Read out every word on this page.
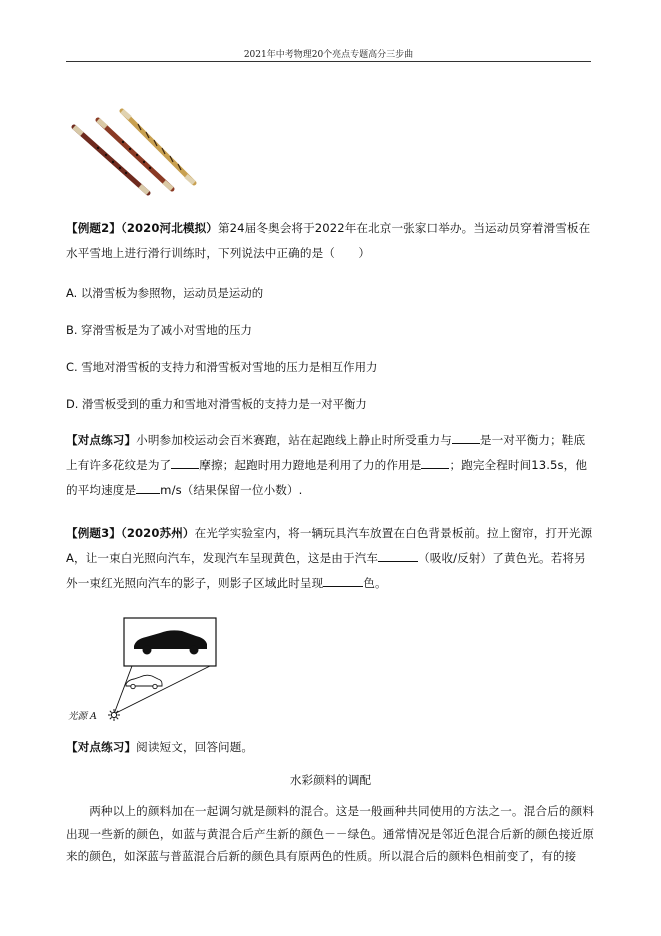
2021年中考物理20个亮点专题高分三步曲
【例题2】（2020河北模拟）第24届冬奥会将于2022年在北京一张家口举办。当运动员穿着滑雪板在水平雪地上进行滑行训练时，下列说法中正确的是（　　）
A. 以滑雪板为参照物，运动员是运动的
B. 穿滑雪板是为了减小对雪地的压力
C. 雪地对滑雪板的支持力和滑雪板对雪地的压力是相互作用力
D. 滑雪板受到的重力和雪地对滑雪板的支持力是一对平衡力
【对点练习】小明参加校运动会百米赛跑，站在起跑线上静止时所受重力与 是一对平衡力；鞋底上有许多花纹是为了 摩擦；起跑时用力蹬地是利用了力的作用是 ；跑完全程时间13.5s，他的平均速度是 m/s（结果保留一位小数）.
【例题3】（2020苏州）在光学实验室内，将一辆玩具汽车放置在白色背景板前。拉上窗帘，打开光源A，让一束白光照向汽车，发现汽车呈现黄色，这是由于汽车	（吸收/反射）了黄色光。若将另外一束红光照向汽车的影子，则影子区域此时呈现	色。
光源 A
【对点练习】阅读短文，回答问题。
水彩颜料的调配
两种以上的颜料加在一起调匀就是颜料的混合。这是一般画种共同使用的方法之一。混合后的颜料出现一些新的颜色，如蓝与黄混合后产生新的颜色－－绿色。通常情况是邻近色混合后新的颜色接近原来的颜色，如深蓝与普蓝混合后新的颜色具有原两色的性质。所以混合后的颜料色相前变了，有的接
